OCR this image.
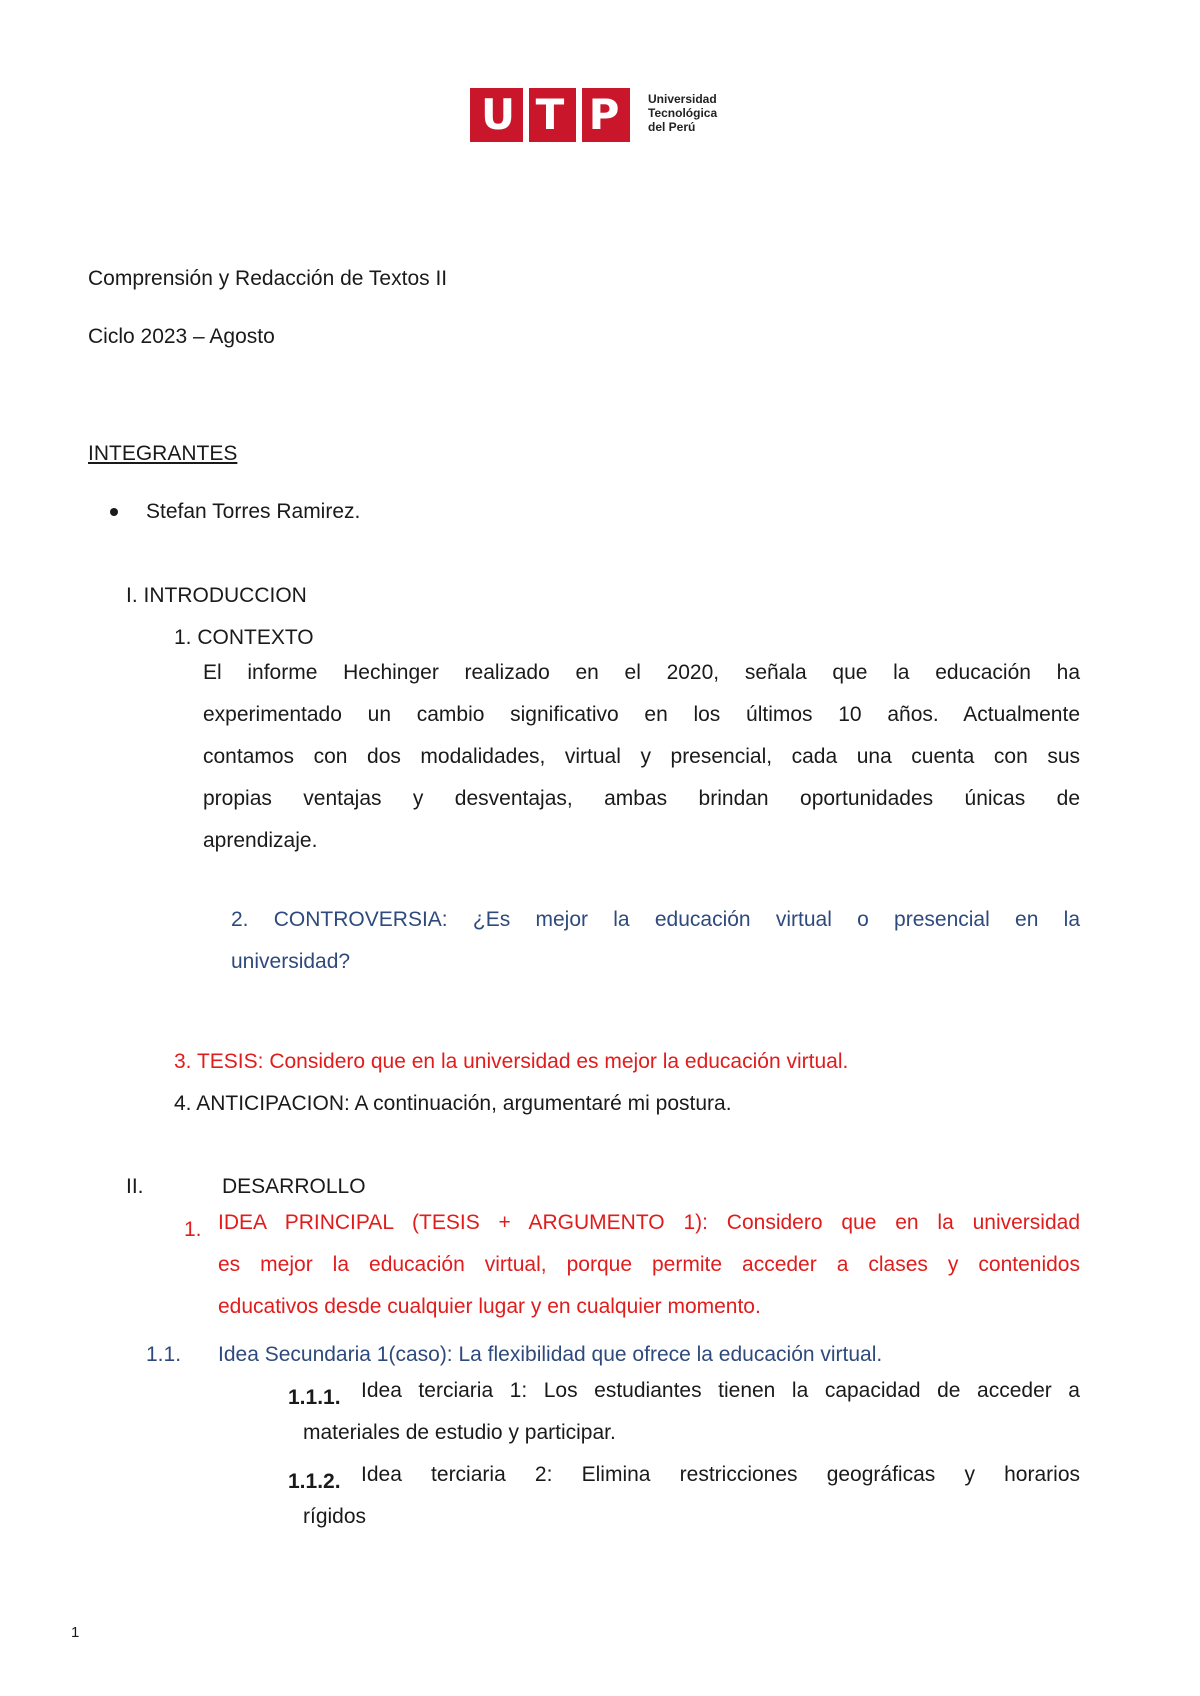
U T P	Universidad
Tecnológica
del Perú
Comprensión y Redacción de Textos II
Ciclo 2023 – Agosto
INTEGRANTES
Stefan Torres Ramirez.
I. INTRODUCCION
1. CONTEXTO
El informe Hechinger realizado en el 2020, señala que la educación ha
experimentado un cambio significativo en los últimos 10 años. Actualmente
contamos con dos modalidades, virtual y presencial, cada una cuenta con sus
propias ventajas y desventajas, ambas brindan oportunidades únicas de
aprendizaje.
2. CONTROVERSIA: ¿Es mejor la educación virtual o presencial en la
universidad?
3. TESIS: Considero que en la universidad es mejor la educación virtual.
4. ANTICIPACION: A continuación, argumentaré mi postura.
II.	DESARROLLO
1. IDEA PRINCIPAL (TESIS + ARGUMENTO 1): Considero que en la universidad
es mejor la educación virtual, porque permite acceder a clases y contenidos
educativos desde cualquier lugar y en cualquier momento.
1.1. Idea Secundaria 1(caso): La flexibilidad que ofrece la educación virtual.
1.1.1. Idea terciaria 1: Los estudiantes tienen la capacidad de acceder a
materiales de estudio y participar.
1.1.2. Idea terciaria 2: Elimina restricciones geográficas y horarios
rígidos
1
